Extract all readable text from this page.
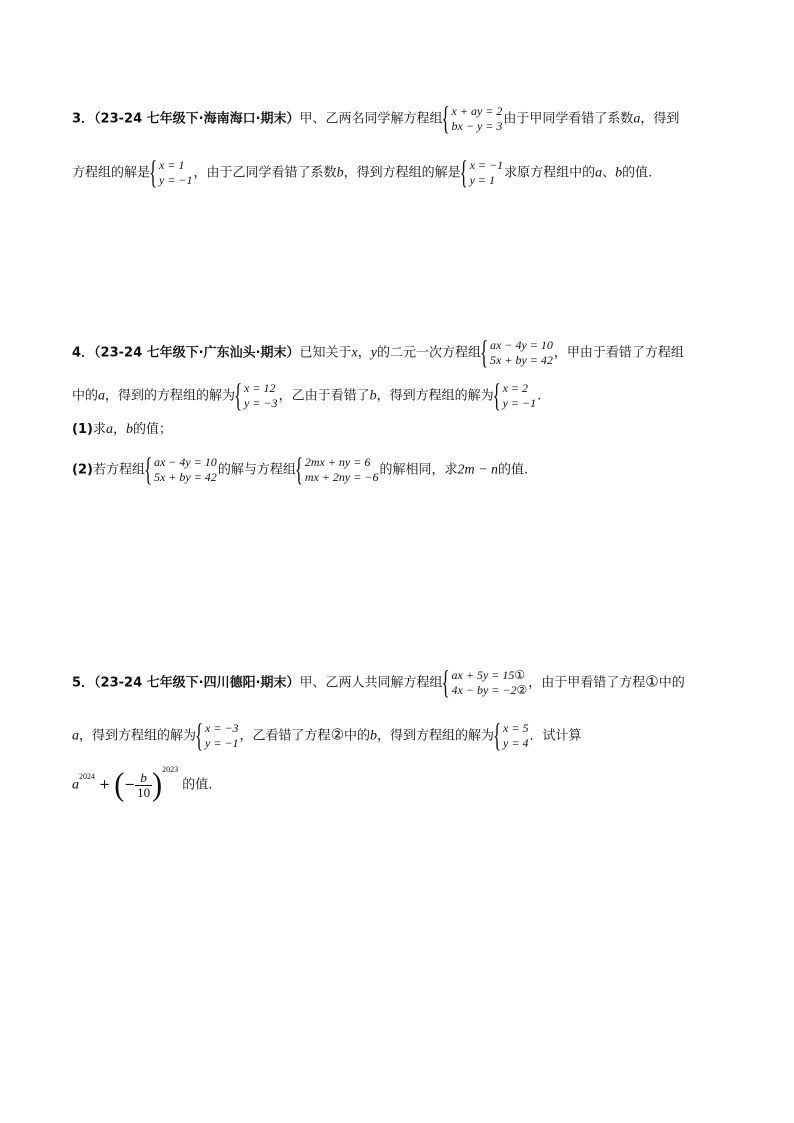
3．（23-24 七年级下·海南海口·期末）甲、乙两名同学解方程组
{ x + ay = 2
bx − y = 3 由于甲同学看错了系数a，得到
方程组的解是
{ x = 1
y = −1 ，由于乙同学看错了系数b，得到方程组的解是
{ x = −1
y = 1 求原方程组中的a、b的值.
4．（23-24 七年级下·广东汕头·期末）已知关于x，y的二元一次方程组
{ ax − 4y = 10
5x + by = 42 ，甲由于看错了方程组
中的a，得到的方程组的解为
{ x = 12
y = −3 ，乙由于看错了b，得到方程组的解为
{ x = 2
y = −1 .
(1)求a，b的值；
(2)若方程组
{ ax − 4y = 10
5x + by = 42 的解与方程组
{ 2mx + ny = 6
mx + 2ny = −6 的解相同，求2m − n的值.
5．（23-24 七年级下·四川德阳·期末）甲、乙两人共同解方程组
{ ax + 5y = 15①
4x − by = −2② ，由于甲看错了方程①中的
a，得到方程组的解为
{ x = −3
y = −1 ，乙看错了方程②中的b，得到方程组的解为
{ x = 5
y = 4 ．试计算
$a^{2024}$ + (− $\frac{b}{10} )^{2023}$ 的值.
